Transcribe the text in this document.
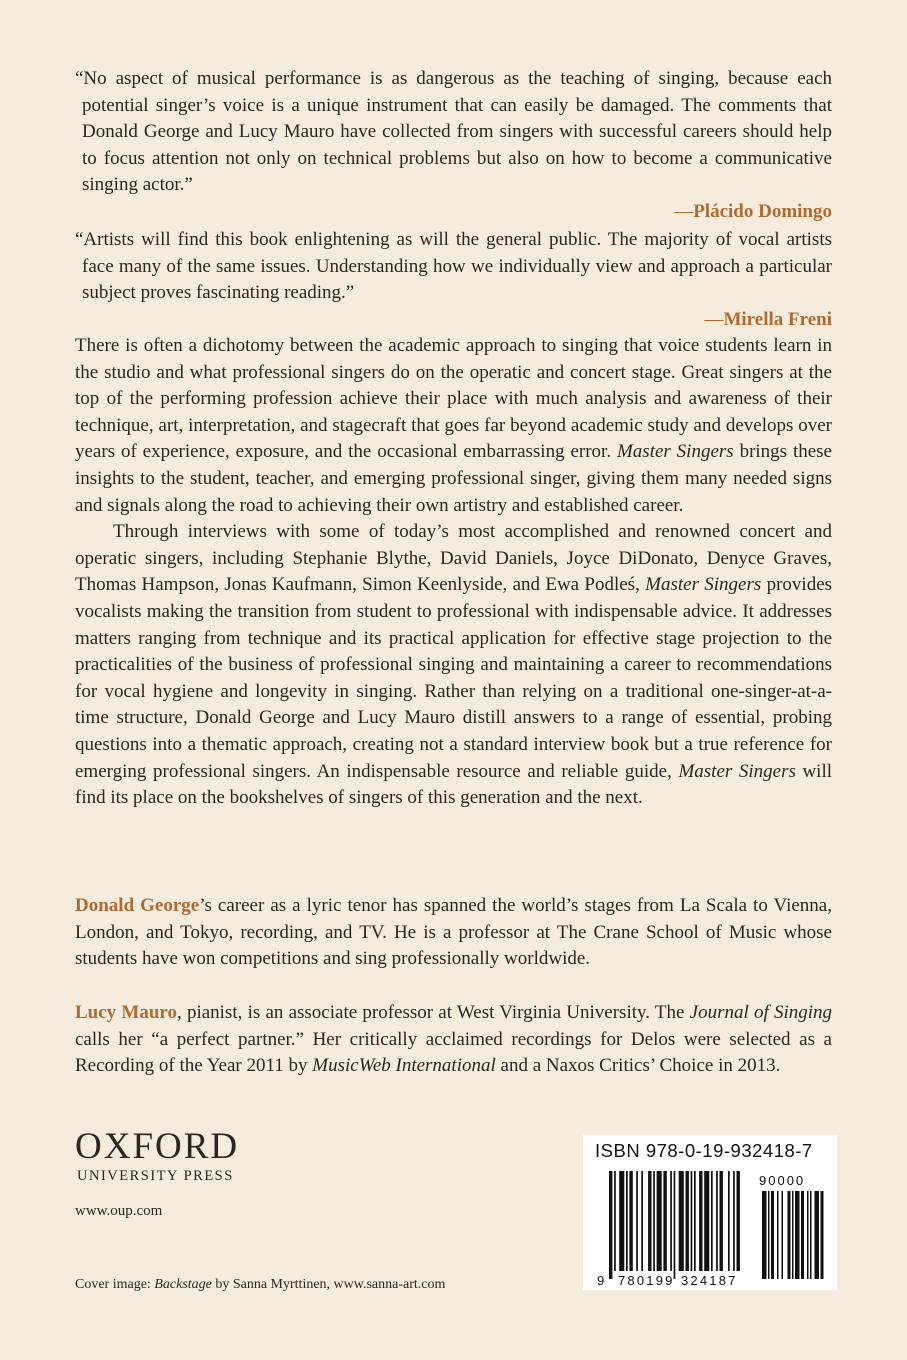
“No aspect of musical performance is as dangerous as the teaching of singing, because each potential singer’s voice is a unique instrument that can easily be damaged. The comments that Donald George and Lucy Mauro have collected from singers with successful careers should help to focus attention not only on technical problems but also on how to become a communicative singing actor.”

—Plácido Domingo

“Artists will find this book enlightening as will the general public. The majority of vocal artists face many of the same issues. Understanding how we individually view and approach a particular subject proves fascinating reading.”

—Mirella Freni

There is often a dichotomy between the academic approach to singing that voice students learn in the studio and what professional singers do on the operatic and concert stage. Great singers at the top of the performing profession achieve their place with much analysis and awareness of their technique, art, interpretation, and stagecraft that goes far beyond academic study and develops over years of experience, exposure, and the occasional embarrassing error. Master Singers brings these insights to the student, teacher, and emerging professional singer, giving them many needed signs and signals along the road to achieving their own artistry and established career.

Through interviews with some of today’s most accomplished and renowned concert and operatic singers, including Stephanie Blythe, David Daniels, Joyce DiDonato, Denyce Graves, Thomas Hampson, Jonas Kaufmann, Simon Keenlyside, and Ewa Podleś, Master Singers provides vocalists making the transition from student to professional with indispensable advice. It addresses matters ranging from technique and its practical application for effective stage projection to the practicalities of the business of professional singing and maintaining a career to recommendations for vocal hygiene and longevity in singing. Rather than relying on a traditional one-singer-at-a-time structure, Donald George and Lucy Mauro distill answers to a range of essential, probing questions into a thematic approach, creating not a standard interview book but a true reference for emerging professional singers. An indispensable resource and reliable guide, Master Singers will find its place on the bookshelves of singers of this generation and the next.

Donald George’s career as a lyric tenor has spanned the world’s stages from La Scala to Vienna, London, and Tokyo, recording, and TV. He is a professor at The Crane School of Music whose students have won competitions and sing professionally worldwide.

Lucy Mauro, pianist, is an associate professor at West Virginia University. The Journal of Singing calls her “a perfect partner.” Her critically acclaimed recordings for Delos were selected as a Recording of the Year 2011 by MusicWeb International and a Naxos Critics’ Choice in 2013.

OXFORD
UNIVERSITY PRESS
www.oup.com
Cover image: Backstage by Sanna Myrttinen, www.sanna-art.com
ISBN 978-0-19-932418-7
90000
9 780199 324187
